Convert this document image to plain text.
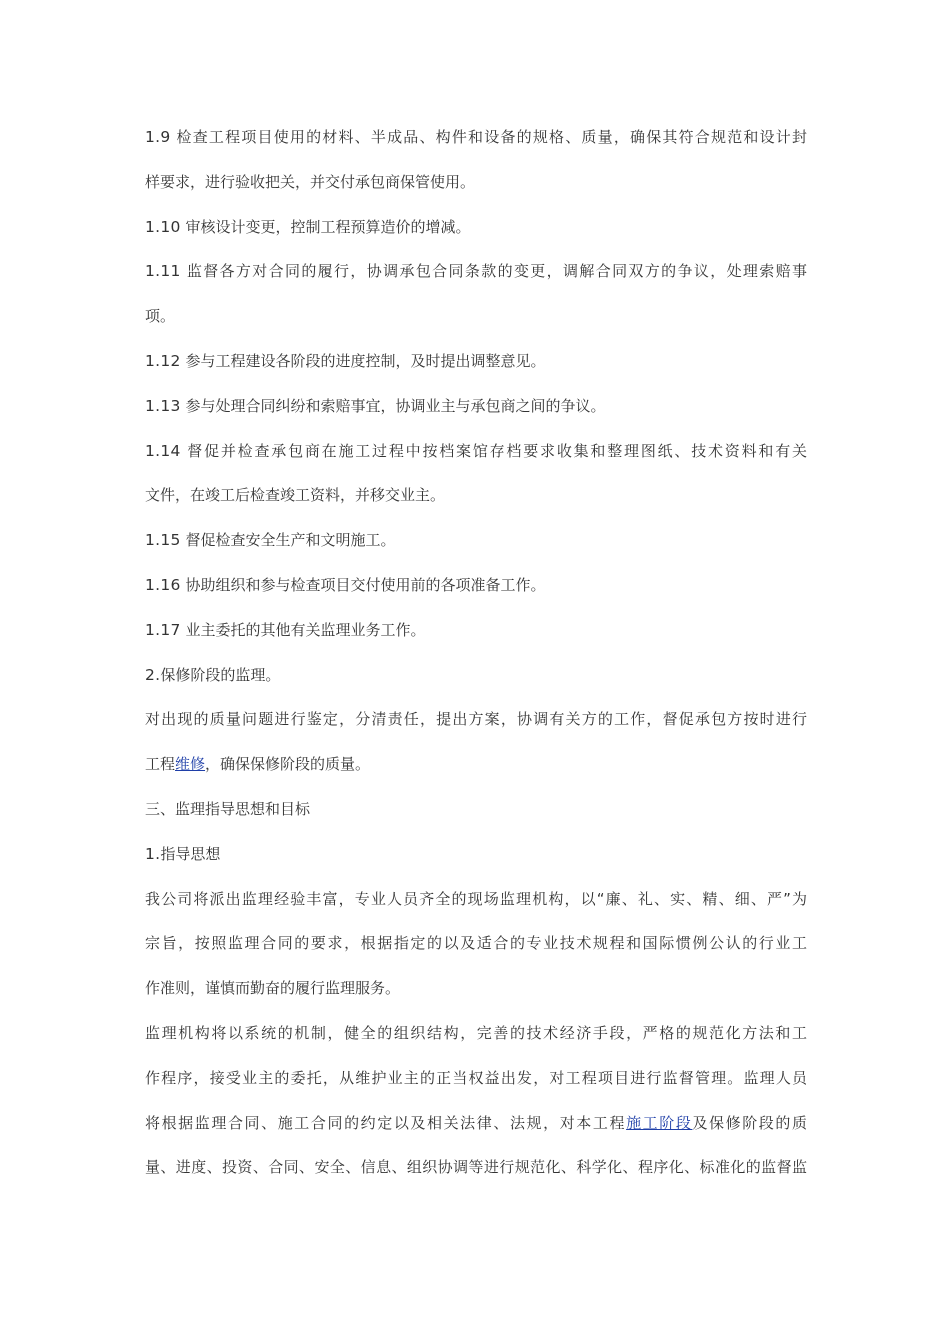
1.9 检查工程项目使用的材料、半成品、构件和设备的规格、质量，确保其符合规范和设计封
样要求，进行验收把关，并交付承包商保管使用。
1.10 审核设计变更，控制工程预算造价的增减。
1.11 监督各方对合同的履行，协调承包合同条款的变更，调解合同双方的争议，处理索赔事
项。
1.12 参与工程建设各阶段的进度控制，及时提出调整意见。
1.13 参与处理合同纠纷和索赔事宜，协调业主与承包商之间的争议。
1.14 督促并检查承包商在施工过程中按档案馆存档要求收集和整理图纸、技术资料和有关
文件，在竣工后检查竣工资料，并移交业主。
1.15 督促检查安全生产和文明施工。
1.16 协助组织和参与检查项目交付使用前的各项准备工作。
1.17 业主委托的其他有关监理业务工作。
2.保修阶段的监理。
对出现的质量问题进行鉴定，分清责任，提出方案，协调有关方的工作，督促承包方按时进行
工程维修，确保保修阶段的质量。
三、监理指导思想和目标
1.指导思想
我公司将派出监理经验丰富，专业人员齐全的现场监理机构，以“廉、礼、实、精、细、严”为
宗旨，按照监理合同的要求，根据指定的以及适合的专业技术规程和国际惯例公认的行业工
作准则，谨慎而勤奋的履行监理服务。
监理机构将以系统的机制，健全的组织结构，完善的技术经济手段，严格的规范化方法和工
作程序，接受业主的委托，从维护业主的正当权益出发，对工程项目进行监督管理。监理人员
将根据监理合同、施工合同的约定以及相关法律、法规，对本工程施工阶段及保修阶段的质
量、进度、投资、合同、安全、信息、组织协调等进行规范化、科学化、程序化、标准化的监督监
